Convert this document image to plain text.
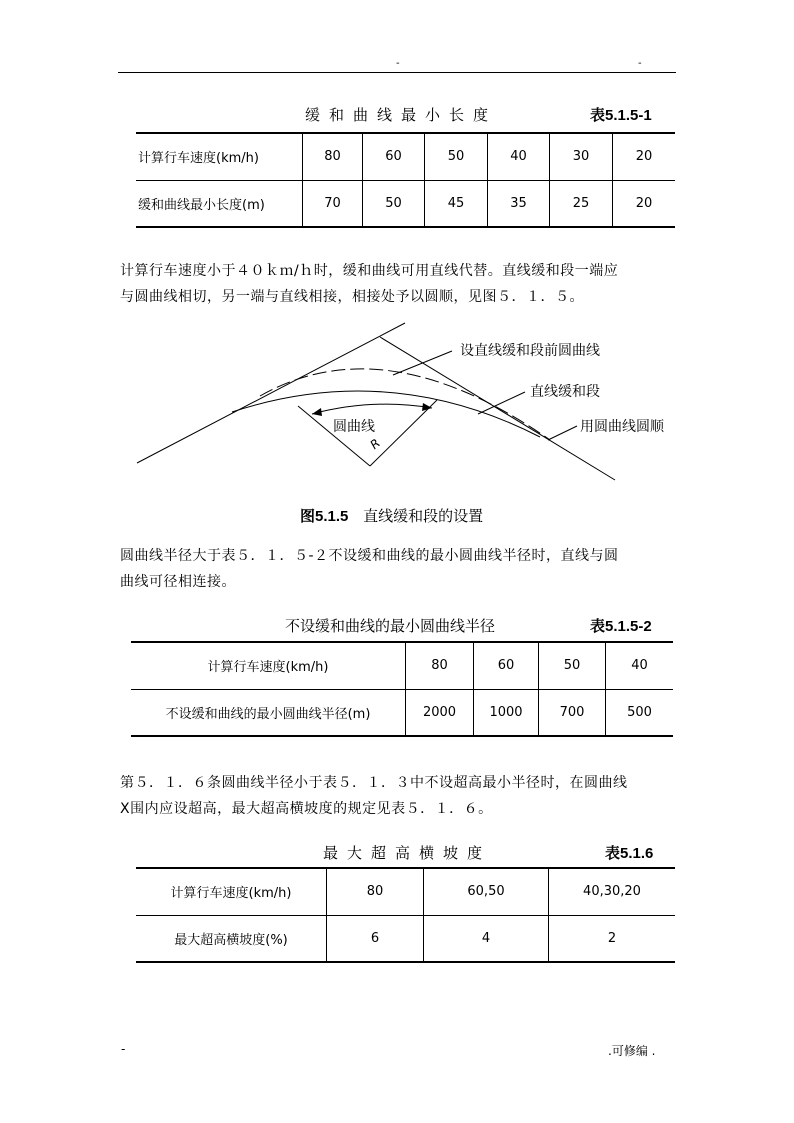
-	-
缓和曲线最小长度	表5.1.5-1
计算行车速度(km/h)	80	60	50	40	30	20
缓和曲线最小长度(m)	70	50	45	35	25	20
计算行车速度小于４０ｋｍ/ｈ时，缓和曲线可用直线代替。直线缓和段一端应
与圆曲线相切，另一端与直线相接，相接处予以圆顺，见图５．１．５。
设直线缓和段前圆曲线
直线缓和段
用圆曲线圆顺
圆曲线
R
图5.1.5 直线缓和段的设置
圆曲线半径大于表５．１．５-２不设缓和曲线的最小圆曲线半径时，直线与圆
曲线可径相连接。
不设缓和曲线的最小圆曲线半径	表5.1.5-2
计算行车速度(km/h)	80	60	50	40
不设缓和曲线的最小圆曲线半径(m)	2000	1000	700	500
第５．１．６条圆曲线半径小于表５．１．３中不设超高最小半径时，在圆曲线
X围内应设超高，最大超高横坡度的规定见表５．１．６。
最大超高横坡度	表5.1.6
计算行车速度(km/h)	80	60,50	40,30,20
最大超高横坡度(%)	6	4	2
-	.可修编 .
